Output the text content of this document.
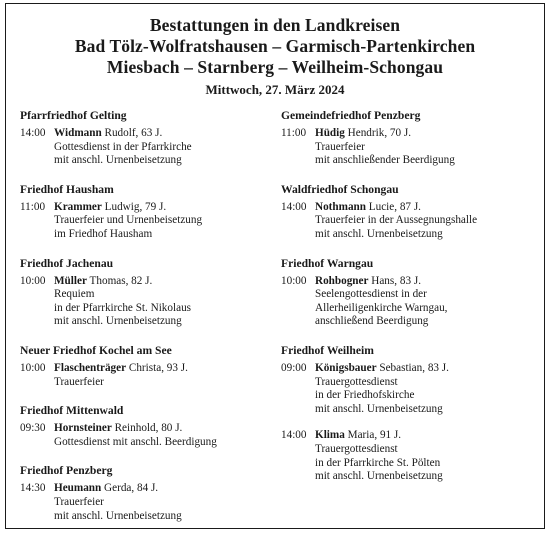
Bestattungen in den Landkreisen
Bad Tölz-Wolfratshausen – Garmisch-Partenkirchen
Miesbach – Starnberg – Weilheim-Schongau
Mittwoch, 27. März 2024
Pfarrfriedhof Gelting
14:00 Widmann Rudolf, 63 J.
Gottesdienst in der Pfarrkirche
mit anschl. Urnenbeisetzung
Friedhof Hausham
11:00 Krammer Ludwig, 79 J.
Trauerfeier und Urnenbeisetzung
im Friedhof Hausham
Friedhof Jachenau
10:00 Müller Thomas, 82 J.
Requiem
in der Pfarrkirche St. Nikolaus
mit anschl. Urnenbeisetzung
Neuer Friedhof Kochel am See
10:00 Flaschenträger Christa, 93 J.
Trauerfeier
Friedhof Mittenwald
09:30 Hornsteiner Reinhold, 80 J.
Gottesdienst mit anschl. Beerdigung
Friedhof Penzberg
14:30 Heumann Gerda, 84 J.
Trauerfeier
mit anschl. Urnenbeisetzung
Gemeindefriedhof Penzberg
11:00 Hüdig Hendrik, 70 J.
Trauerfeier
mit anschließender Beerdigung
Waldfriedhof Schongau
14:00 Nothmann Lucie, 87 J.
Trauerfeier in der Aussegnungshalle
mit anschl. Urnenbeisetzung
Friedhof Warngau
10:00 Rohbogner Hans, 83 J.
Seelengottesdienst in der
Allerheiligenkirche Warngau,
anschließend Beerdigung
Friedhof Weilheim
09:00 Königsbauer Sebastian, 83 J.
Trauergottesdienst
in der Friedhofskirche
mit anschl. Urnenbeisetzung
14:00 Klima Maria, 91 J.
Trauergottesdienst
in der Pfarrkirche St. Pölten
mit anschl. Urnenbeisetzung
